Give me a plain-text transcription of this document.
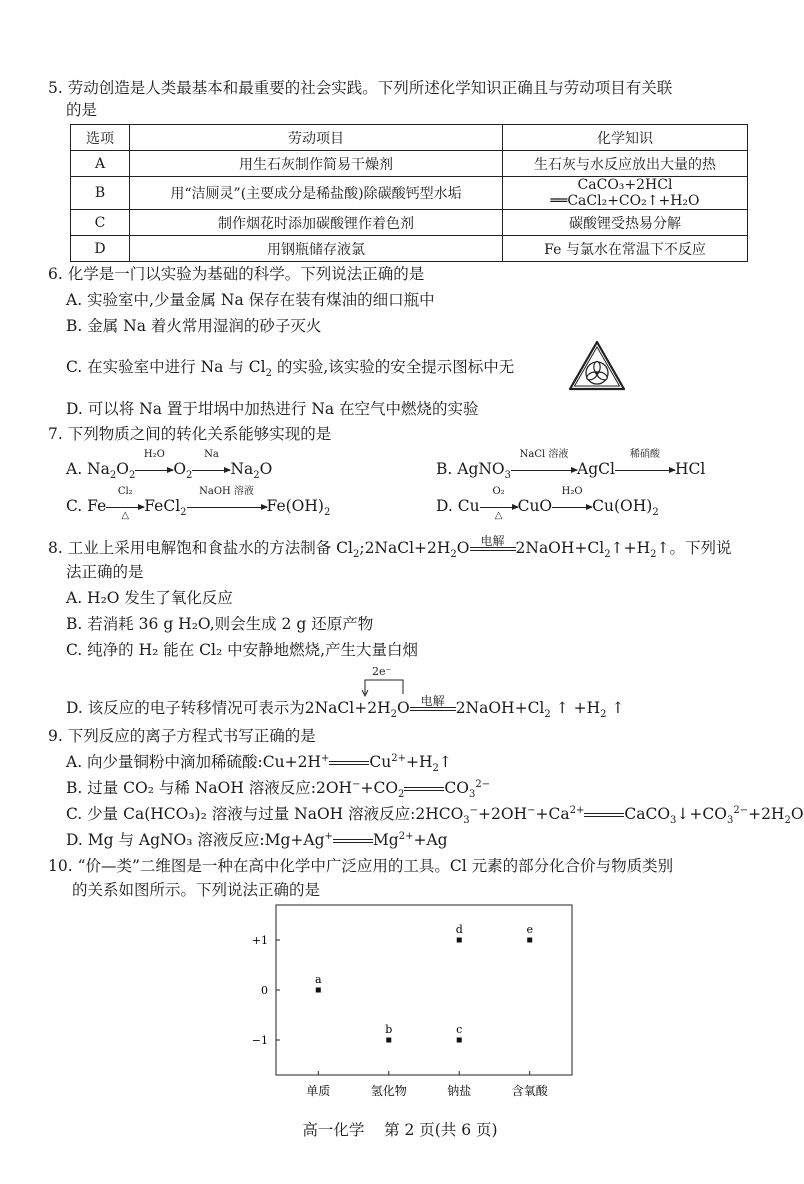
5. 劳动创造是人类最基本和最重要的社会实践。下列所述化学知识正确且与劳动项目有关联
的是
选项	劳动项目	化学知识
A	用生石灰制作简易干燥剂	生石灰与水反应放出大量的热
B	用“洁厕灵”(主要成分是稀盐酸)除碳酸钙型水垢	CaCO₃+2HCl ══CaCl₂+CO₂↑+H₂O
C	制作烟花时添加碳酸锂作着色剂	碳酸锂受热易分解
D	用钢瓶储存液氯	Fe 与氯水在常温下不反应
6. 化学是一门以实验为基础的科学。下列说法正确的是
A. 实验室中,少量金属 Na 保存在装有煤油的细口瓶中
B. 金属 Na 着火常用湿润的砂子灭火
C. 在实验室中进行 Na 与 $Cl_2$ 的实验,该实验的安全提示图标中无
D. 可以将 Na 置于坩埚中加热进行 Na 在空气中燃烧的实验
7. 下列物质之间的转化关系能够实现的是
A. $Na_2O_2$
H₂O
$O_2$
Na
$Na_2O$	B. AgNO$_3$
NaCl 溶液
AgCl
稀硝酸
HCl
C. Fe
Cl₂
△
FeCl$_2$
NaOH 溶液
$Fe(OH)_2$	D. Cu
O₂
△
CuO
H₂O
$Cu(OH)_2$
8. 工业上采用电解饱和食盐水的方法制备 $Cl_2;2NaCl+2H_2O$ 电解 $2NaOH+Cl_2↑+H_2↑$。下列说
法正确的是
A. H₂O 发生了氧化反应
B. 若消耗 36 g H₂O,则会生成 2 g 还原产物
C. 纯净的 H₂ 能在 Cl₂ 中安静地燃烧,产生大量白烟
2e⁻
D. 该反应的电子转移情况可表示为$2NaCl+2H_2O$ 电解 $2NaOH+Cl_2$ ↑ $+H_2$ ↑
9. 下列反应的离子方程式书写正确的是
A. 向少量铜粉中滴加稀硫酸:Cu+2H+	$Cu^{2+}+H_2↑$
B. 过量 CO₂ 与稀 NaOH 溶液反应$:2OH^-+CO_2$	$CO_3^{2-}$
C. 少量 Ca(HCO₃)₂ 溶液与过量 NaOH 溶液反应$:2HCO_3^-+2OH^-+Ca^{2+}$	$CaCO_3↓+CO_3^{2-}+2H_2O$
D. Mg 与 AgNO₃ 溶液反应:Mg+Ag+	$Mg^{2+}+Ag$
10. “价—类”二维图是一种在高中化学中广泛应用的工具。Cl 元素的部分化合价与物质类别
的关系如图所示。下列说法正确的是
+1
0
−1
单质	氢化物	钠盐	含氧酸
a
b	c
d	e
高一化学    第 2 页(共 6 页)
